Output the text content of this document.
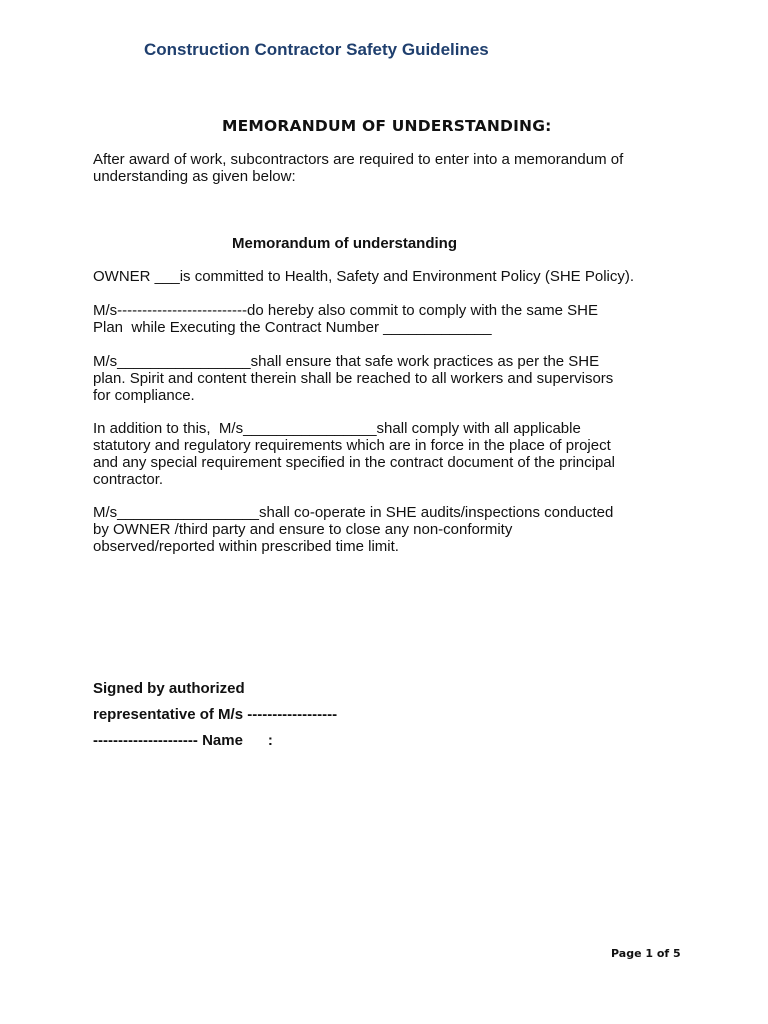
Construction Contractor Safety Guidelines
MEMORANDUM OF UNDERSTANDING:
After award of work, subcontractors are required to enter into a memorandum of
understanding as given below:
Memorandum of understanding
OWNER ___is committed to Health, Safety and Environment Policy (SHE Policy).
M/s--------------------------do hereby also commit to comply with the same SHE
Plan  while Executing the Contract Number _____________
M/s________________shall ensure that safe work practices as per the SHE
plan. Spirit and content therein shall be reached to all workers and supervisors
for compliance.
In addition to this,  M/s________________shall comply with all applicable
statutory and regulatory requirements which are in force in the place of project
and any special requirement specified in the contract document of the principal
contractor.
M/s_________________shall co-operate in SHE audits/inspections conducted
by OWNER /third party and ensure to close any non-conformity
observed/reported within prescribed time limit.
Signed by authorized
representative of M/s ------------------
--------------------- Name      :
Page 1 of 5
